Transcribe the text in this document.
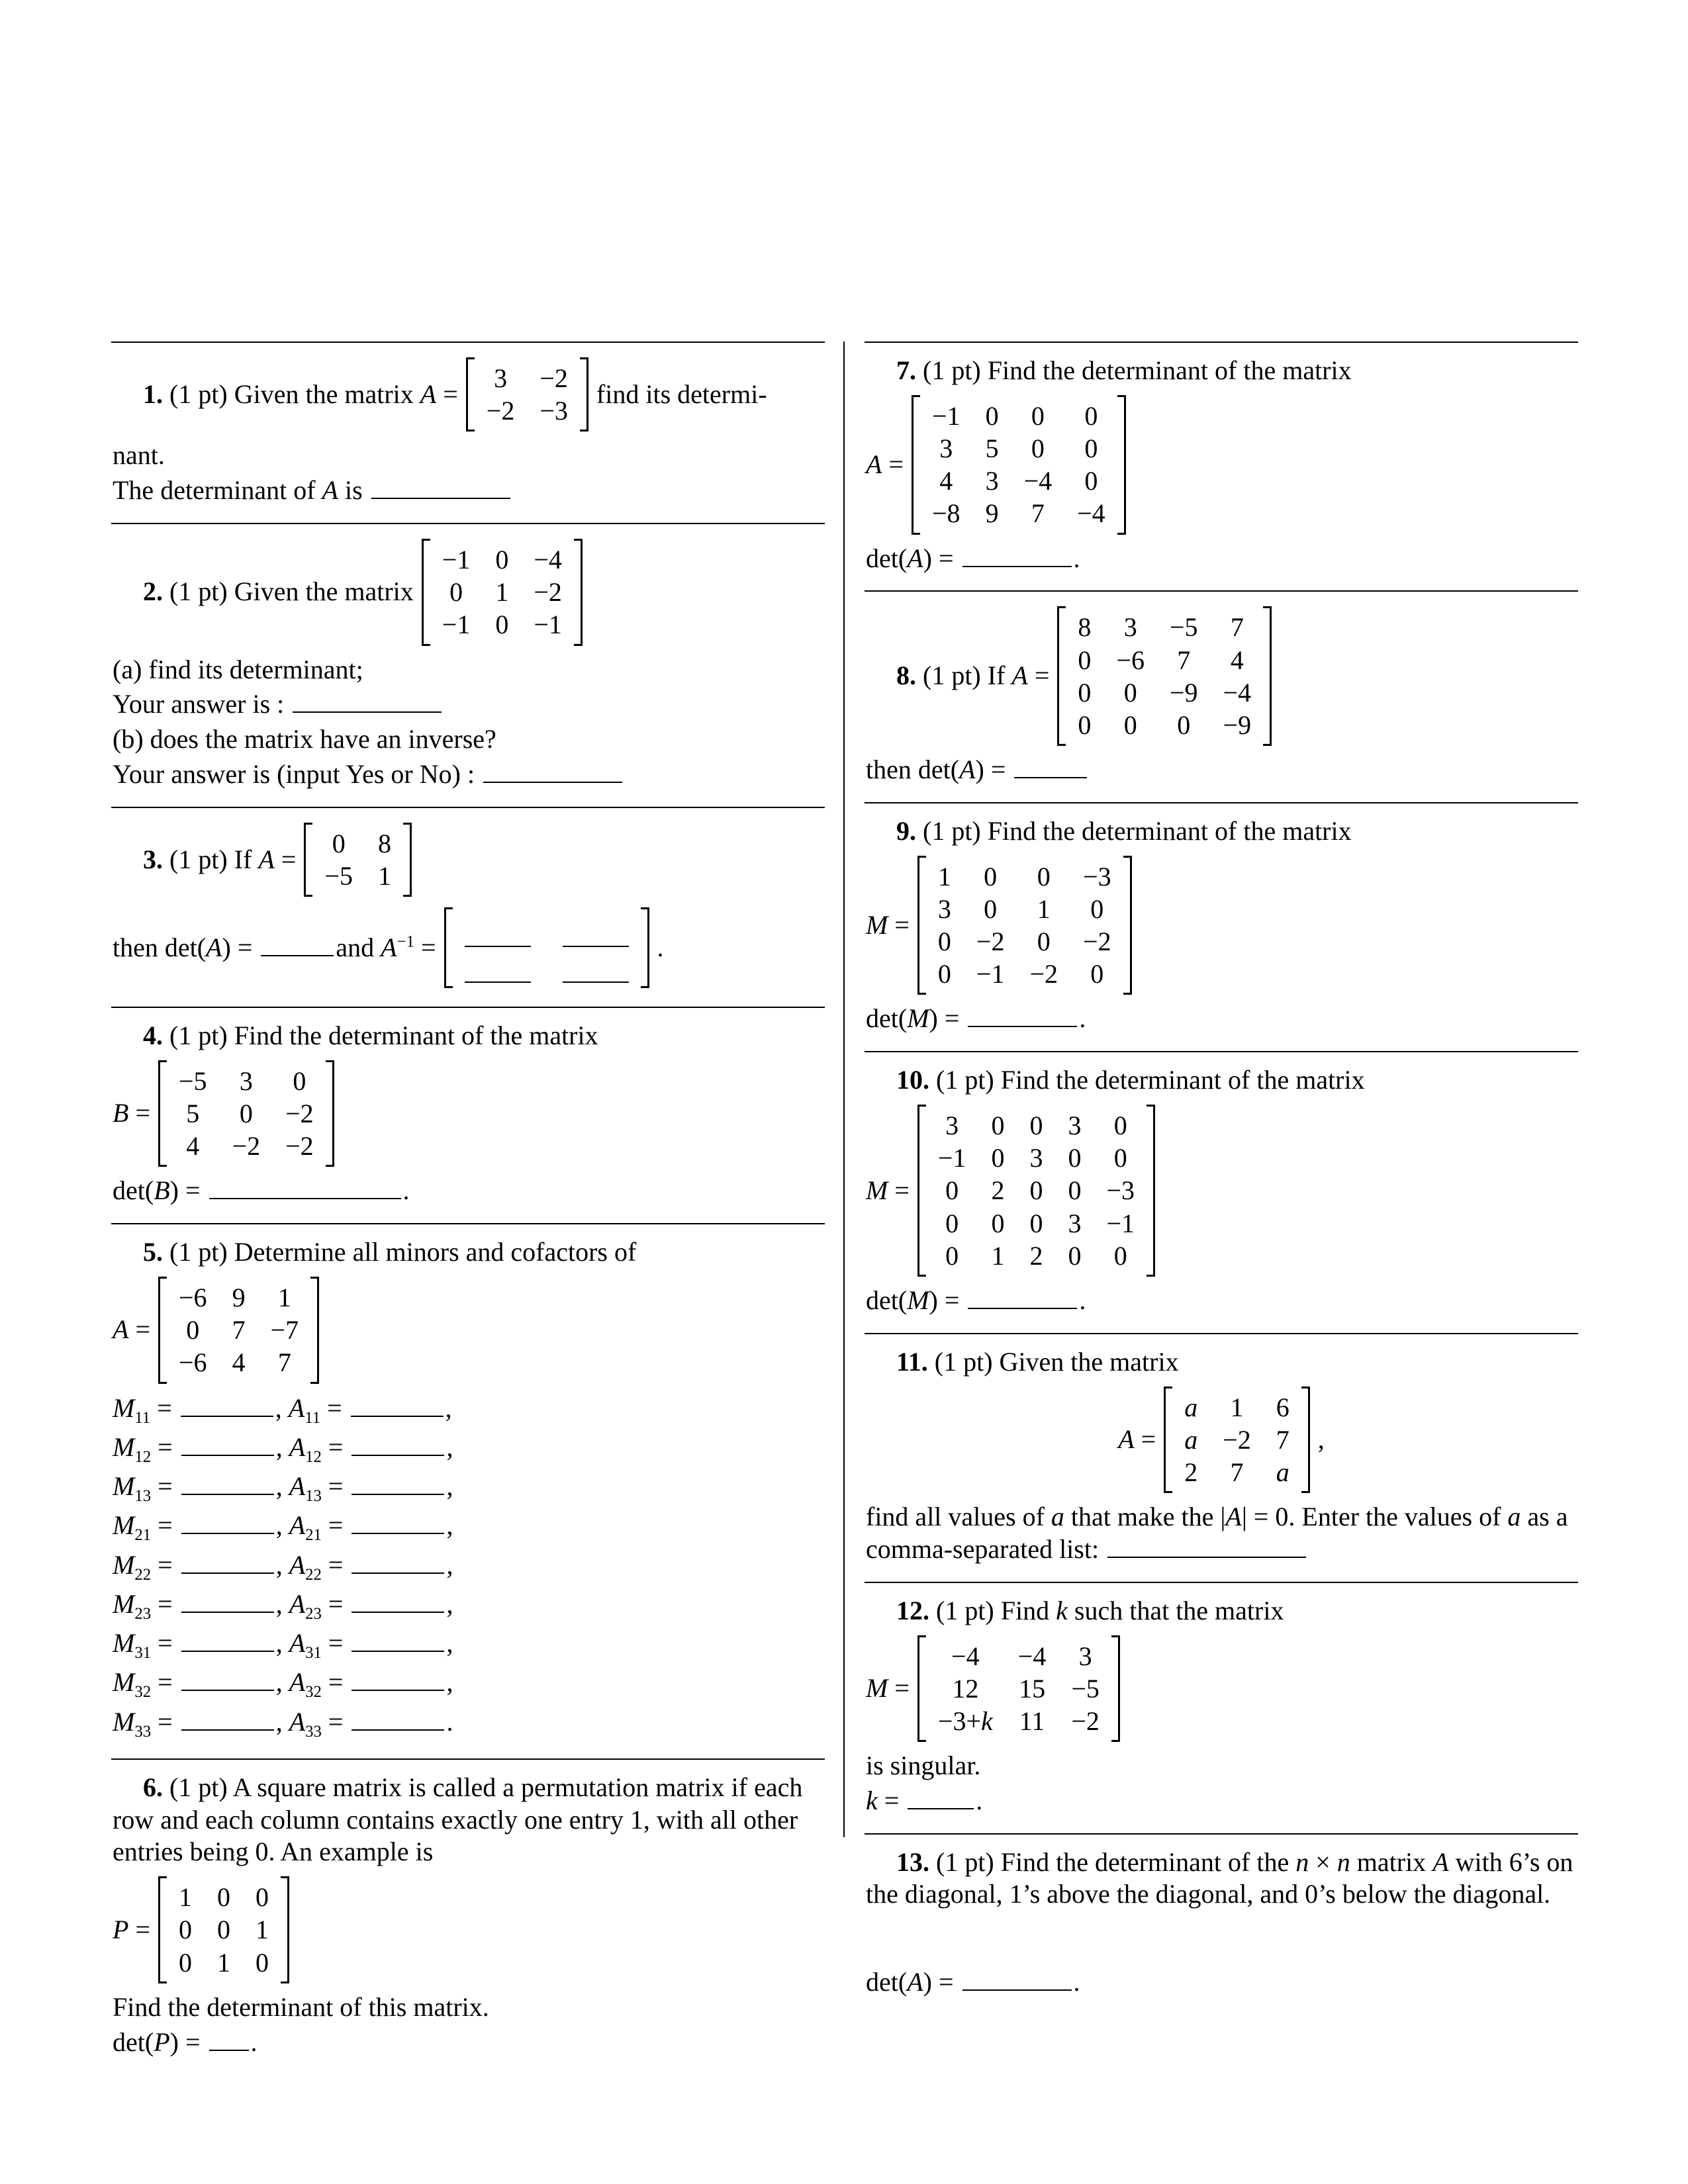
1. (1 pt) Given the matrix A =
3 −2
−2 −3
find its determi-
nant.
The determinant of A is
2. (1 pt) Given the matrix
−1 0 −4
0 1 −2
−1 0 −1
(a) find its determinant;
Your answer is :
(b) does the matrix have an inverse?
Your answer is (input Yes or No) :
3. (1 pt) If A =
0 8
−5 1
then det(A) =	and $A^{-1}$ =	.
4. (1 pt) Find the determinant of the matrix
B =
−5 3 0
5 0 −2
4 −2 −2
det(B) =	.
5. (1 pt) Determine all minors and cofactors of
A =
−6 9 1
0 7 −7
−6 4 7
$M_{11}$ =	, $A_{11}$ =	,
$M_{12}$ =	, $A_{12}$ =	,
$M_{13}$ =	, $A_{13}$ =	,
$M_{21}$ =	, $A_{21}$ =	,
$M_{22}$ =	, $A_{22}$ =	,
$M_{23}$ =	, $A_{23}$ =	,
$M_{31}$ =	, $A_{31}$ =	,
$M_{32}$ =	, $A_{32}$ =	,
$M_{33}$ =	, $A_{33}$ =	.
6. (1 pt) A square matrix is called a permutation matrix if each row and each column contains exactly one entry 1, with all other entries being 0. An example is
P =
1 0 0
0 0 1
0 1 0
Find the determinant of this matrix.
det(P) = .
7. (1 pt) Find the determinant of the matrix
A =
−1 0 0 0
3 5 0 0
4 3 −4 0
−8 9 7 −4
det(A) =	.
8. (1 pt) If A =
8 3 −5 7
0 −6 7 4
0 0 −9 −4
0 0 0 −9
then det(A) =
9. (1 pt) Find the determinant of the matrix
M =
1 0 0 −3
3 0 1 0
0 −2 0 −2
0 −1 −2 0
det(M) =	.
10. (1 pt) Find the determinant of the matrix
M =
3 0 0 3 0
−1 0 3 0 0
0 2 0 0 −3
0 0 0 3 −1
0 1 2 0 0
det(M) =	.
11. (1 pt) Given the matrix
A =
a 1 6
a −2 7
2 7 a
,
find all values of a that make the |A| = 0. Enter the values of a as a comma-separated list:
12. (1 pt) Find k such that the matrix
M =
−4	−4 3
12	15 −5
−3+k 11 −2
is singular.
k =	.
13. (1 pt) Find the determinant of the n × n matrix A with 6’s on the diagonal, 1’s above the diagonal, and 0’s below the diagonal.
det(A) =	.
